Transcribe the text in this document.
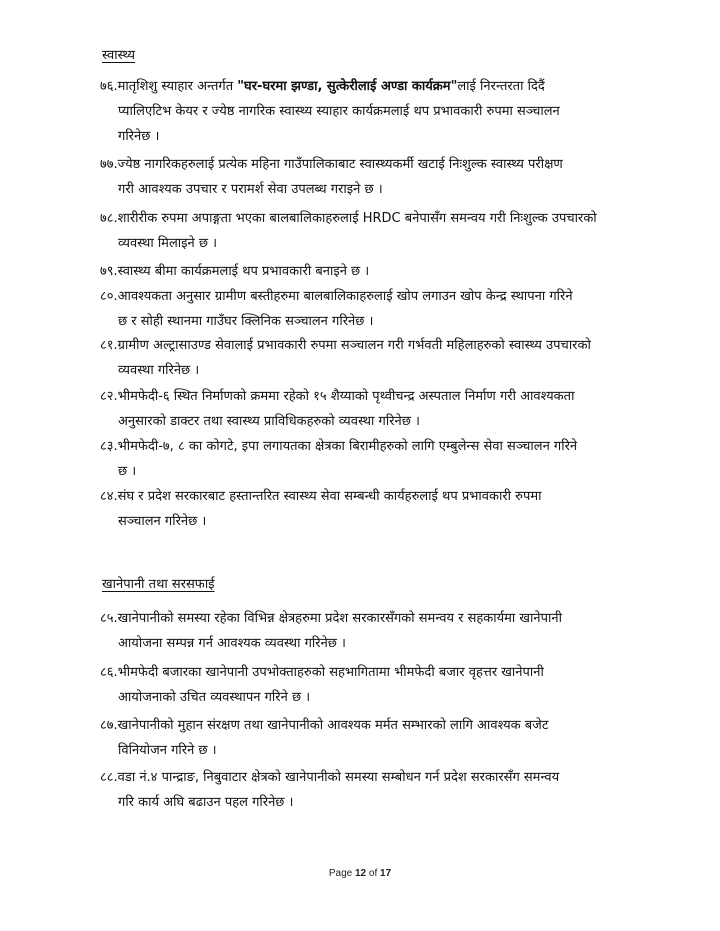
स्वास्थ्य
७६.मातृशिशु स्याहार अन्तर्गत "घर-घरमा झण्डा, सुत्केरीलाई अण्डा कार्यक्रम"लाई निरन्तरता दिदैं
प्यालिएटिभ केयर र ज्येष्ठ नागरिक स्वास्थ्य स्याहार कार्यक्रमलाई थप प्रभावकारी रुपमा सञ्चालन
गरिनेछ ।
७७.ज्येष्ठ नागरिकहरुलाई प्रत्येक महिना गाउँपालिकाबाट स्वास्थ्यकर्मी खटाई निःशुल्क स्वास्थ्य परीक्षण
गरी आवश्यक उपचार र परामर्श सेवा उपलब्ध गराइने छ ।
७८.शारीरीक रुपमा अपाङ्गता भएका बालबालिकाहरुलाई HRDC बनेपासँग समन्वय गरी निःशुल्क उपचारको
व्यवस्था मिलाइने छ ।
७९.स्वास्थ्य बीमा कार्यक्रमलाई थप प्रभावकारी बनाइने छ ।
८०.आवश्यकता अनुसार ग्रामीण बस्तीहरुमा बालबालिकाहरुलाई खोप लगाउन खोप केन्द्र स्थापना गरिने
छ र सोही स्थानमा गाउँघर क्लिनिक सञ्चालन गरिनेछ ।
८१.ग्रामीण अल्ट्रासाउण्ड सेवालाई प्रभावकारी रुपमा सञ्चालन गरी गर्भवती महिलाहरुको स्वास्थ्य उपचारको
व्यवस्था गरिनेछ ।
८२.भीमफेदी-६ स्थित निर्माणको क्रममा रहेको १५ शैय्याको पृथ्वीचन्द्र अस्पताल निर्माण गरी आवश्यकता
अनुसारको डाक्टर तथा स्वास्थ्य प्राविधिकहरुको व्यवस्था गरिनेछ ।
८३.भीमफेदी-७, ८ का कोगटे, इपा लगायतका क्षेत्रका बिरामीहरुको लागि एम्बुलेन्स सेवा सञ्चालन गरिने
छ ।
८४.संघ र प्रदेश सरकारबाट हस्तान्तरित स्वास्थ्य सेवा सम्बन्धी कार्यहरुलाई थप प्रभावकारी रुपमा
सञ्चालन गरिनेछ ।
खानेपानी तथा सरसफाई
८५.खानेपानीको समस्या रहेका विभिन्न क्षेत्रहरुमा प्रदेश सरकारसँगको समन्वय र सहकार्यमा खानेपानी
आयोजना सम्पन्न गर्न आवश्यक व्यवस्था गरिनेछ ।
८६.भीमफेदी बजारका खानेपानी उपभोक्ताहरुको सहभागितामा भीमफेदी बजार वृहत्तर खानेपानी
आयोजनाको उचित व्यवस्थापन गरिने छ ।
८७.खानेपानीको मुहान संरक्षण तथा खानेपानीको आवश्यक मर्मत सम्भारको लागि आवश्यक बजेट
विनियोजन गरिने छ ।
८८.वडा नं.४ पान्द्राङ, निबुवाटार क्षेत्रको खानेपानीको समस्या सम्बोधन गर्न प्रदेश सरकारसँग समन्वय
गरि कार्य अघि बढाउन पहल गरिनेछ ।
Page 12 of 17
